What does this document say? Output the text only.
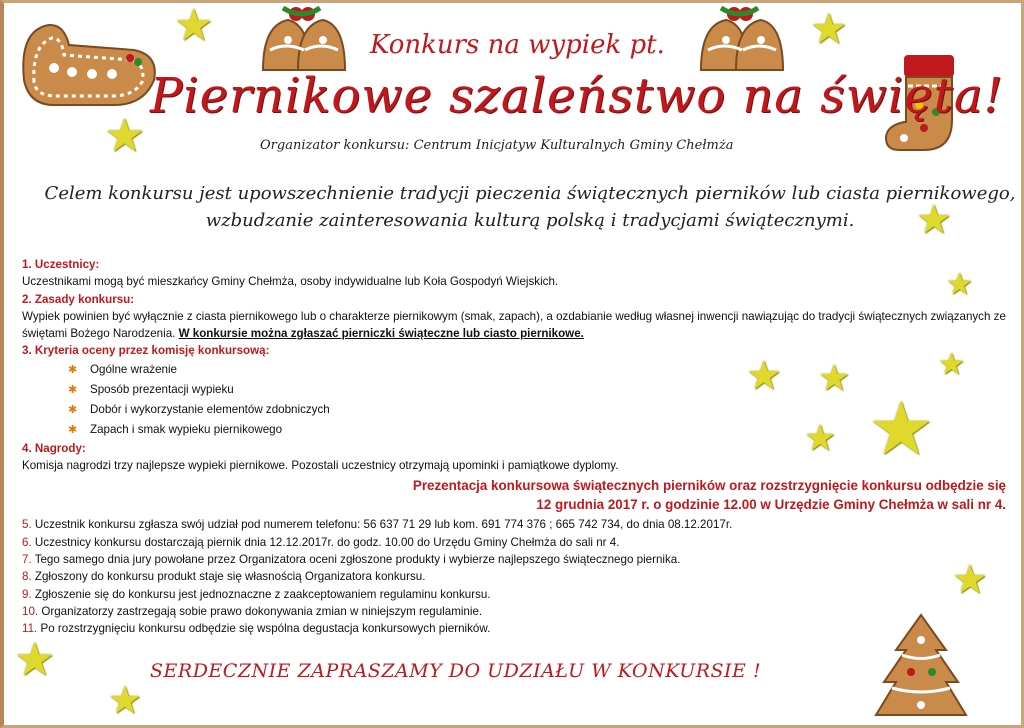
★
★
★
★
★
★ ★
★
★
★
★
★
★
Konkurs na wypiek pt.
Piernikowe szaleństwo na święta!
Organizator konkursu: Centrum Inicjatyw Kulturalnych Gminy Chełmża
Celem konkursu jest upowszechnienie tradycji pieczenia świątecznych pierników lub ciasta piernikowego,
wzbudzanie zainteresowania kulturą polską i tradycjami świątecznymi.

1. Uczestnicy:

Uczestnikami mogą być mieszkańcy Gminy Chełmża, osoby indywidualne lub Koła Gospodyń Wiejskich.

2. Zasady konkursu:

Wypiek powinien być wyłącznie z ciasta piernikowego lub o charakterze piernikowym (smak, zapach), a ozdabianie według własnej inwencji nawiązując do tradycji świątecznych związanych ze świętami Bożego Narodzenia. W konkursie można zgłaszać pierniczki świąteczne lub ciasto piernikowe.

3. Kryteria oceny przez komisję konkursową:

✱ Ogólne wrażenie
✱ Sposób prezentacji wypieku
✱ Dobór i wykorzystanie elementów zdobniczych
✱ Zapach i smak wypieku piernikowego

4. Nagrody:

Komisja nagrodzi trzy najlepsze wypieki piernikowe. Pozostali uczestnicy otrzymają upominki i pamiątkowe dyplomy.

Prezentacja konkursowa świątecznych pierników oraz rozstrzygnięcie konkursu odbędzie się

12 grudnia 2017 r. o godzinie 12.00 w Urzędzie Gminy Chełmża w sali nr 4.

5. Uczestnik konkursu zgłasza swój udział pod numerem telefonu: 56 637 71 29 lub kom. 691 774 376 ; 665 742 734, do dnia 08.12.2017r.

6. Uczestnicy konkursu dostarczają piernik dnia 12.12.2017r. do godz. 10.00 do Urzędu Gminy Chełmża do sali nr 4.

7. Tego samego dnia jury powołane przez Organizatora oceni zgłoszone produkty i wybierze najlepszego świątecznego piernika.

8. Zgłoszony do konkursu produkt staje się własnością Organizatora konkursu.

9. Zgłoszenie się do konkursu jest jednoznaczne z zaakceptowaniem regulaminu konkursu.

10. Organizatorzy zastrzegają sobie prawo dokonywania zmian w niniejszym regulaminie.

11. Po rozstrzygnięciu konkursu odbędzie się wspólna degustacja konkursowych pierników.

SERDECZNIE ZAPRASZAMY DO UDZIAŁU W KONKURSIE !
